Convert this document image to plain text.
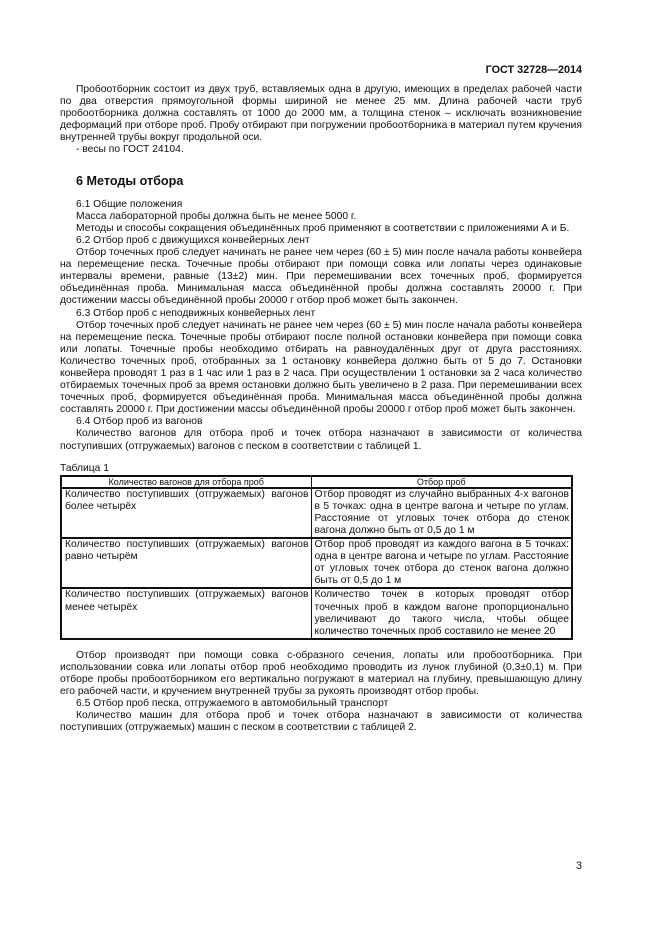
ГОСТ 32728—2014

Пробоотборник состоит из двух труб, вставляемых одна в другую, имеющих в пределах рабочей части по два отверстия прямоугольной формы шириной не менее 25 мм. Длина рабочей части труб пробоотборника должна составлять от 1000 до 2000 мм, а толщина стенок – исключать возникновение деформаций при отборе проб. Пробу отбирают при погружении пробоотборника в материал путем кручения внутренней трубы вокруг продольной оси.

- весы по ГОСТ 24104.

6 Методы отбора

6.1 Общие положения

Масса лабораторной пробы должна быть не менее 5000 г.

Методы и способы сокращения объединённых проб применяют в соответствии с приложениями А и Б.

6.2 Отбор проб с движущихся конвейерных лент

Отбор точечных проб следует начинать не ранее чем через (60 ± 5) мин после начала работы конвейера на перемещение песка. Точечные пробы отбирают при помощи совка или лопаты через одинаковые интервалы времени, равные (13±2) мин. При перемешивании всех точечных проб, формируется объединённая проба. Минимальная масса объединённой пробы должна составлять 20000 г. При достижении массы объединённой пробы 20000 г отбор проб может быть закончен.

6.3 Отбор проб с неподвижных конвейерных лент

Отбор точечных проб следует начинать не ранее чем через (60 ± 5) мин после начала работы конвейера на перемещение песка. Точечные пробы отбирают после полной остановки конвейера при помощи совка или лопаты. Точечные пробы необходимо отбирать на равноудалённых друг от друга расстояниях. Количество точечных проб, отобранных за 1 остановку конвейера должно быть от 5 до 7. Остановки конвейера проводят 1 раз в 1 час или 1 раз в 2 часа. При осуществлении 1 остановки за 2 часа количество отбираемых точечных проб за время остановки должно быть увеличено в 2 раза. При перемешивании всех точечных проб, формируется объединённая проба. Минимальная масса объединённой пробы должна составлять 20000 г. При достижении массы объединённой пробы 20000 г отбор проб может быть закончен.

6.4 Отбор проб из вагонов

Количество вагонов для отбора проб и точек отбора назначают в зависимости от количества поступивших (отгружаемых) вагонов с песком в соответствии с таблицей 1.

Таблица 1
Количество вагонов для отбора проб	Отбор проб
Количество поступивших (отгружаемых) вагонов более четырёх	Отбор проводят из случайно выбранных 4-х вагонов в 5 точках: одна в центре вагона и четыре по углам. Расстояние от угловых точек отбора до стенок вагона должно быть от 0,5 до 1 м
Количество поступивших (отгружаемых) вагонов равно четырём	Отбор проб проводят из каждого вагона в 5 точках: одна в центре вагона и четыре по углам. Расстояние от угловых точек отбора до стенок вагона должно быть от 0,5 до 1 м
Количество поступивших (отгружаемых) вагонов менее четырёх	Количество точек в которых проводят отбор точечных проб в каждом вагоне пропорционально увеличивают до такого числа, чтобы общее количество точечных проб составило не менее 20

Отбор производят при помощи совка с-образного сечения, лопаты или пробоотборника. При использовании совка или лопаты отбор проб необходимо проводить из лунок глубиной (0,3±0,1) м. При отборе пробы пробоотборником его вертикально погружают в материал на глубину, превышающую длину его рабочей части, и кручением внутренней трубы за рукоять производят отбор пробы.

6.5 Отбор проб песка, отгружаемого в автомобильный транспорт

Количество машин для отбора проб и точек отбора назначают в зависимости от количества поступивших (отгружаемых) машин с песком в соответствии с таблицей 2.

3
